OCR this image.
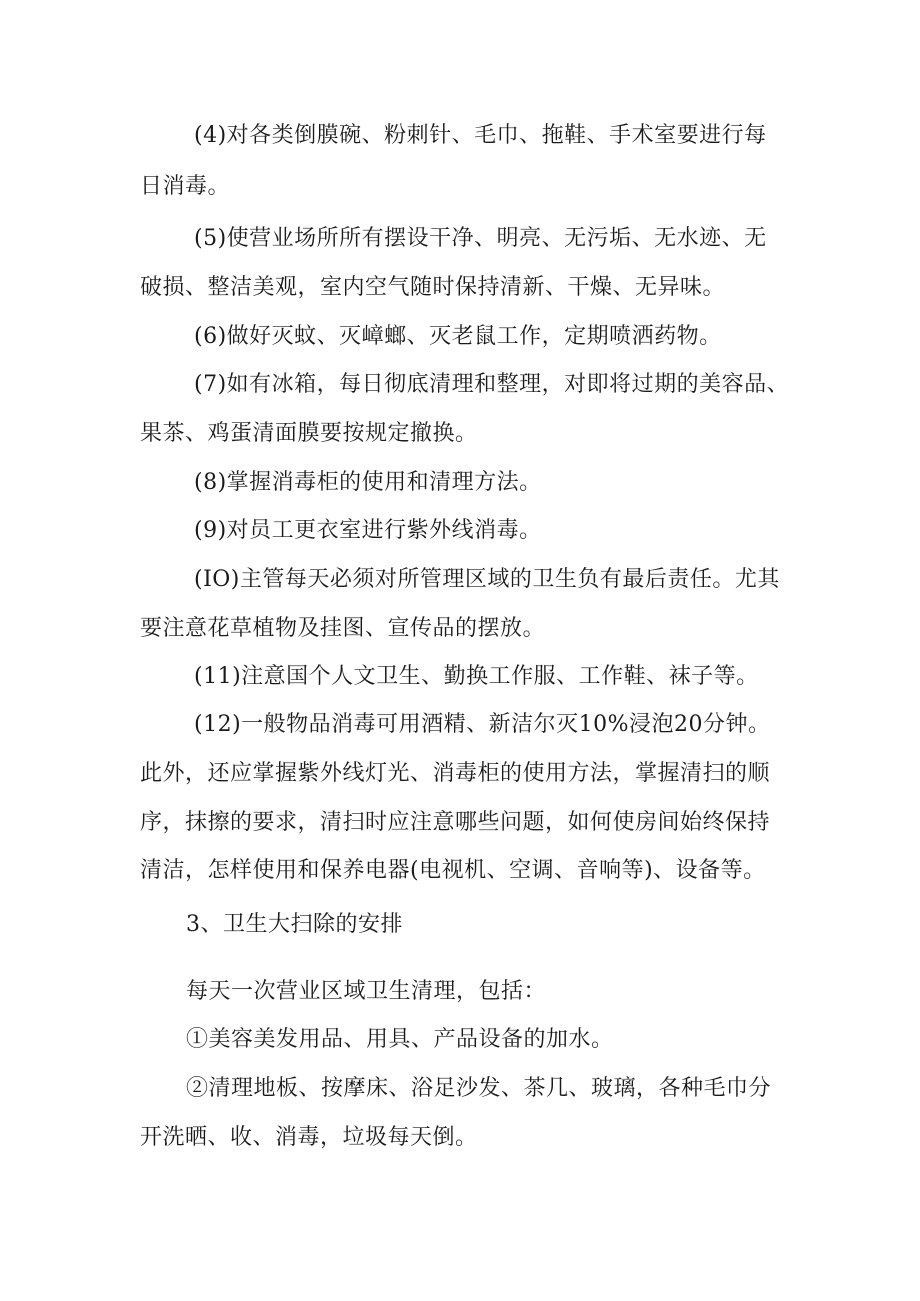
(4)对各类倒膜碗、粉刺针、毛巾、拖鞋、手术室要进行每
日消毒。
(5)使营业场所所有摆设干净、明亮、无污垢、无水迹、无
破损、整洁美观，室内空气随时保持清新、干燥、无异味。
(6)做好灭蚊、灭嶂螂、灭老鼠工作，定期喷洒药物。
(7)如有冰箱，每日彻底清理和整理，对即将过期的美容品、
果茶、鸡蛋清面膜要按规定撤换。
(8)掌握消毒柜的使用和清理方法。
(9)对员工更衣室进行紫外线消毒。
(IO)主管每天必须对所管理区域的卫生负有最后责任。尤其
要注意花草植物及挂图、宣传品的摆放。
(11)注意国个人文卫生、勤换工作服、工作鞋、袜子等。
(12)一般物品消毒可用酒精、新洁尔灭10%浸泡20分钟。
此外，还应掌握紫外线灯光、消毒柜的使用方法，掌握清扫的顺
序，抹擦的要求，清扫时应注意哪些问题，如何使房间始终保持
清洁，怎样使用和保养电器(电视机、空调、音响等)、设备等。
3、卫生大扫除的安排
每天一次营业区域卫生清理，包括：
①美容美发用品、用具、产品设备的加水。
②清理地板、按摩床、浴足沙发、茶几、玻璃，各种毛巾分
开洗晒、收、消毒，垃圾每天倒。
